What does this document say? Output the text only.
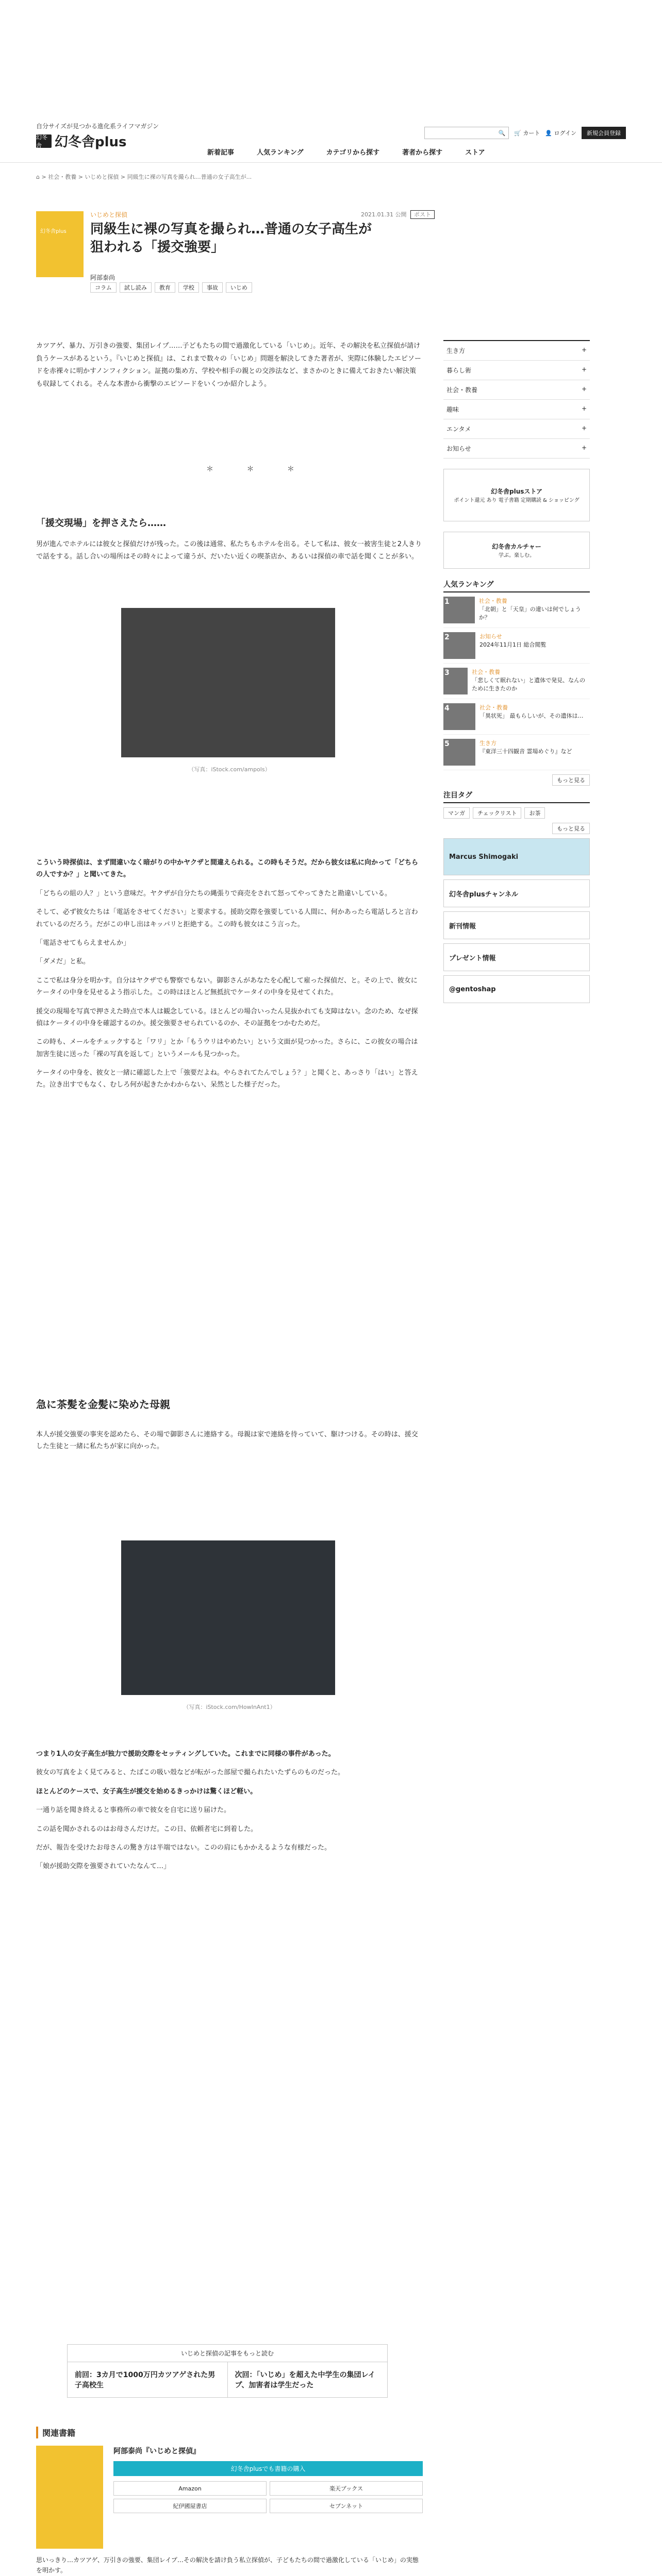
自分サイズが見つかる進化系ライフマガジン
幻冬舎 幻冬舎plus
🔍 🛒 カート 👤 ログイン	新規会員登録
新着記事	人気ランキング	カテゴリから探す	著者から探す	ストア
⌂ > 社会・教養 > いじめと探偵 > 同級生に裸の写真を撮られ…普通の女子高生が...
幻冬舎plus
いじめと探偵	2021.01.31 公開 ポスト
同級生に裸の写真を撮られ…普通の女子高生が狙われる「援交強要」
阿部泰尚
コラム	試し読み	教育	学校	事故	いじめ
カツアゲ、暴力、万引きの強要、集団レイプ……子どもたちの間で過激化している「いじめ」。近年、その解決を私立探偵が請け負うケースがあるという。『いじめと探偵』は、これまで数々の「いじめ」問題を解決してきた著者が、実際に体験したエピソードを赤裸々に明かすノンフィクション。証拠の集め方、学校や相手の親との交渉法など、まさかのときに備えておきたい解決策も収録してくれる。そんな本書から衝撃のエピソードをいくつか紹介しよう。
＊ ＊ ＊
「援交現場」を押さえたら……

男が進んでホテルには彼女と探偵だけが残った。この後は通常、私たちもホテルを出る。そして私は、彼女一被害生徒と2人きりで話をする。話し合いの場所はその時々によって違うが、だいたい近くの喫茶店か、あるいは探偵の車で話を聞くことが多い。

（写真：iStock.com/ampols）

こういう時探偵は、まず間違いなく暗がりの中かヤクザと間違えられる。この時もそうだ。だから彼女は私に向かって「どちらの人ですか？」と聞いてきた。

「どちらの組の人？」という意味だ。ヤクザが自分たちの縄張りで商売をされて怒ってやってきたと勘違いしている。

そして、必ず彼女たちは「電話をさせてください」と要求する。援助交際を強要している人間に、何かあったら電話しろと言われているのだろう。だがこの申し出はキッパリと拒絶する。この時も彼女はこう言った。

「電話させてもらえませんか」

「ダメだ」と私。

ここで私は身分を明かす。自分はヤクザでも警察でもない。御影さんがあなたを心配して雇った探偵だ、と。その上で、彼女にケータイの中身を見せるよう指示した。この時はほとんど無抵抗でケータイの中身を見せてくれた。

援交の現場を写真で押さえた時点で本人は観念している。ほとんどの場合いったん見抜かれても支障はない。念のため、なぜ探偵はケータイの中身を確認するのか。援交強要させられているのか、その証拠をつかむためだ。

この時も、メールをチェックすると「ワリ」とか「もうウリはやめたい」という文面が見つかった。さらに、この彼女の場合は加害生徒に送った「裸の写真を返して」というメールも見つかった。

ケータイの中身を、彼女と一緒に確認した上で「強要だよね。やらされてたんでしょう？」と聞くと、あっさり「はい」と答えた。泣き出すでもなく、むしろ何が起きたかわからない、呆然とした様子だった。

急に茶髪を金髪に染めた母親

本人が援交強要の事実を認めたら、その場で御影さんに連絡する。母親は家で連絡を待っていて、駆けつける。その時は、援交した生徒と一緒に私たちが家に向かった。

（写真：iStock.com/HowInAnt1）

つまり1人の女子高生が独力で援助交際をセッティングしていた。これまでに同様の事件があった。

彼女の写真をよく見てみると、たばこの吸い殻などが転がった部屋で撮られたいたずらのものだった。

ほとんどのケースで、女子高生が援交を始めるきっかけは驚くほど軽い。

一通り話を聞き終えると事務所の車で彼女を自宅に送り届けた。

この話を聞かされるのはお母さんだけだ。この日、依頼者宅に到着した。

だが、報告を受けたお母さんの驚き方は半端ではない。このの肩にもかかえるような有様だった。

「娘が援助交際を強要されていたなんて…」

いじめと探偵の記事をもっと読む
前回：3カ月で1000万円カツアゲされた男子高校生
次回：「いじめ」を超えた中学生の集団レイプ、加害者は学生だった
関連書籍
阿部泰尚『いじめと探偵』
幻冬舎plusでも書籍の購入
Amazon	楽天ブックス
紀伊國屋書店	セブンネット

思いっきり…カツアゲ、万引きの強要、集団レイプ…その解決を請け負う私立探偵が、子どもたちの間で過激化している「いじめ」の実態を明かす。

生き方	+
暮らし術	+
社会・教養	+
趣味	+
エンタメ	+
お知らせ	+
幻冬舎plusストア
ポイント還元 あり 電子書籍 定期購読 & ショッピング
幻冬舎カルチャー
学ぶ。楽しむ。
人気ランキング
1	社会・教養
「北朝」と「天皇」の違いは何でしょうか？
2	お知らせ
2024年11月1日 総合閲覧
3	社会・教養
「悲しくて眠れない」と遺体で発見、なんのために生きたのか
4	社会・教養
「異状死」 最もらしいが、その遺体は…
5	生き方
『東洋三十四観音 霊場めぐり』など
もっと見る
注目タグ
マンガ	チェックリスト	お茶
もっと見る
Marcus Shimogaki
幻冬舎plusチャンネル
新刊情報
プレゼント情報
@gentoshap
